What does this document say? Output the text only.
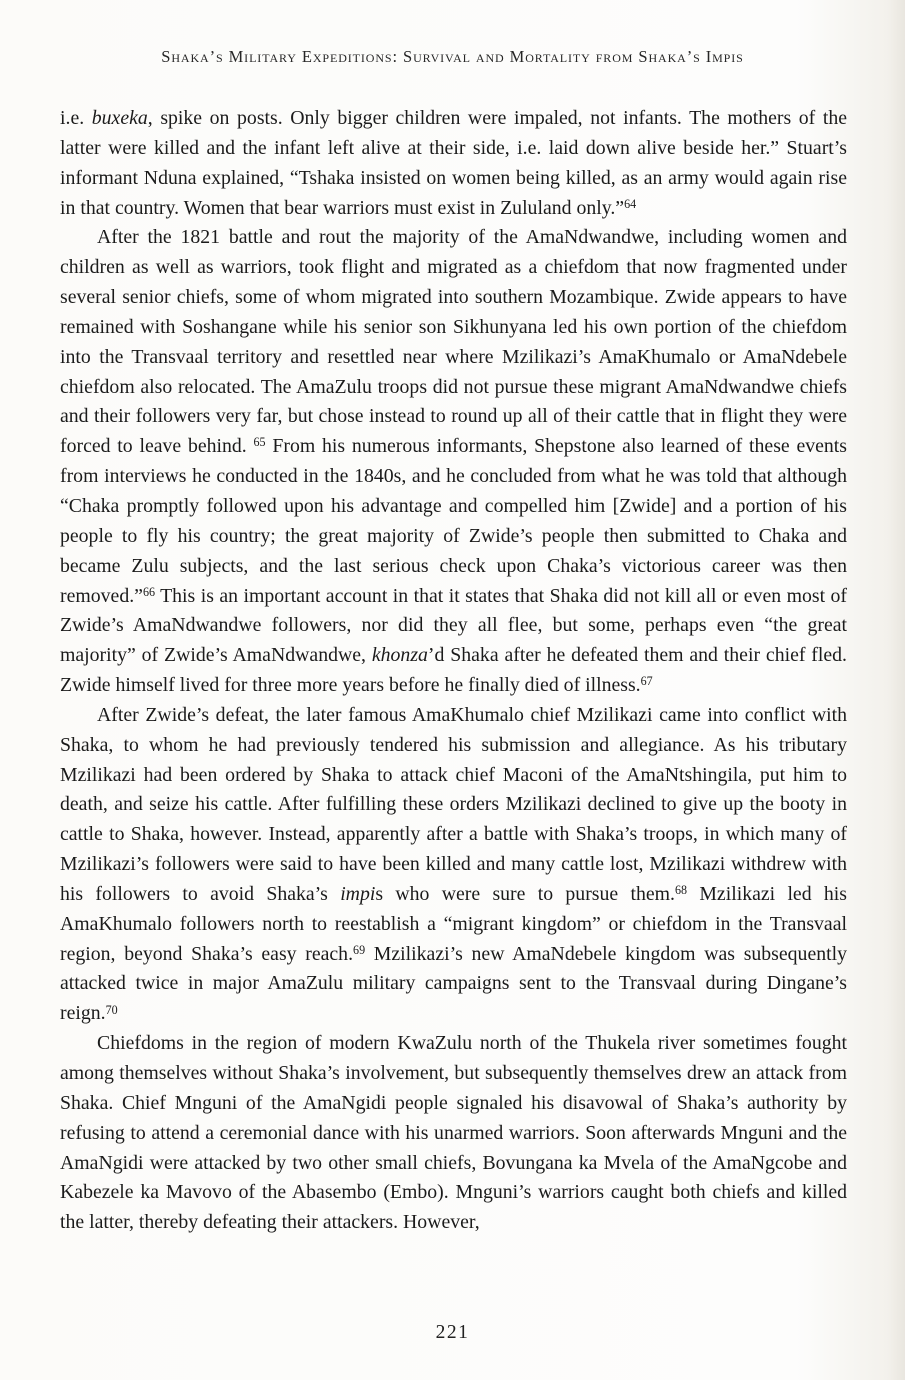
Shaka’s Military Expeditions: Survival and Mortality from Shaka’s Impis

i.e. buxeka, spike on posts. Only bigger children were impaled, not infants. The mothers of the latter were killed and the infant left alive at their side, i.e. laid down alive beside her.” Stuart’s informant Nduna explained, “Tshaka insisted on women being killed, as an army would again rise in that country. Women that bear warriors must exist in Zululand only.”$^{64}$

After the 1821 battle and rout the majority of the AmaNdwandwe, including women and children as well as warriors, took flight and migrated as a chiefdom that now fragmented under several senior chiefs, some of whom migrated into southern Mozambique. Zwide appears to have remained with Soshangane while his senior son Sikhunyana led his own portion of the chiefdom into the Transvaal territory and resettled near where Mzilikazi’s AmaKhumalo or AmaNdebele chiefdom also relocated. The AmaZulu troops did not pursue these migrant AmaNdwandwe chiefs and their followers very far, but chose instead to round up all of their cattle that in flight they were forced to leave behind. $^{65}$ From his numerous informants, Shepstone also learned of these events from interviews he conducted in the 1840s, and he concluded from what he was told that although “Chaka promptly followed upon his advantage and compelled him [Zwide] and a portion of his people to fly his country; the great majority of Zwide’s people then submitted to Chaka and became Zulu subjects, and the last serious check upon Chaka’s victorious career was then removed.”$^{66}$ This is an important account in that it states that Shaka did not kill all or even most of Zwide’s AmaNdwandwe followers, nor did they all flee, but some, perhaps even “the great majority” of Zwide’s AmaNdwandwe, khonza’d Shaka after he defeated them and their chief fled. Zwide himself lived for three more years before he finally died of illness.$^{67}$

After Zwide’s defeat, the later famous AmaKhumalo chief Mzilikazi came into conflict with Shaka, to whom he had previously tendered his submission and allegiance. As his tributary Mzilikazi had been ordered by Shaka to attack chief Maconi of the AmaNtshingila, put him to death, and seize his cattle. After fulfilling these orders Mzilikazi declined to give up the booty in cattle to Shaka, however. Instead, apparently after a battle with Shaka’s troops, in which many of Mzilikazi’s followers were said to have been killed and many cattle lost, Mzilikazi withdrew with his followers to avoid Shaka’s impis who were sure to pursue them.$^{68}$ Mzilikazi led his AmaKhumalo followers north to reestablish a “migrant kingdom” or chiefdom in the Transvaal region, beyond Shaka’s easy reach.$^{69}$ Mzilikazi’s new AmaNdebele kingdom was subsequently attacked twice in major AmaZulu military campaigns sent to the Transvaal during Dingane’s reign.$^{70}$

Chiefdoms in the region of modern KwaZulu north of the Thukela river sometimes fought among themselves without Shaka’s involvement, but subsequently themselves drew an attack from Shaka. Chief Mnguni of the AmaNgidi people signaled his disavowal of Shaka’s authority by refusing to attend a ceremonial dance with his unarmed warriors. Soon afterwards Mnguni and the AmaNgidi were attacked by two other small chiefs, Bovungana ka Mvela of the AmaNgcobe and Kabezele ka Mavovo of the Abasembo (Embo). Mnguni’s warriors caught both chiefs and killed the latter, thereby defeating their attackers. However,

221
